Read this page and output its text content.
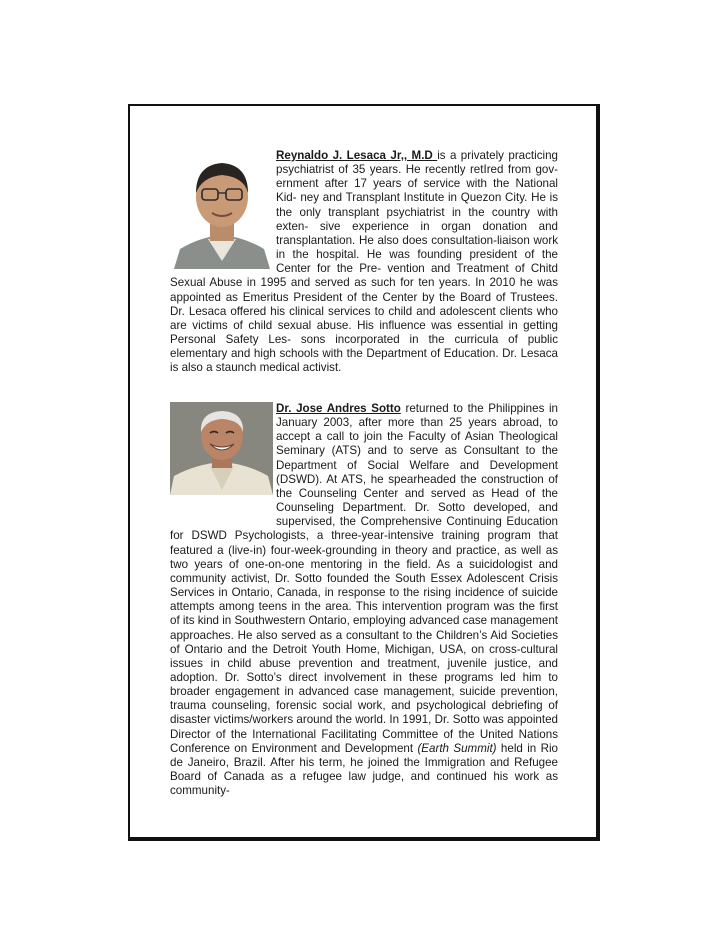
Reynaldo J. Lesaca Jr,, M.D is a privately practicing psychiatrist of 35 years. He recently retIred from gov- ernment after 17 years of service with the National Kid- ney and Transplant Institute in Quezon City. He is the only transplant psychiatrist in the country with exten- sive experience in organ donation and transplantation. He also does consultation-liaison work in the hospital. He was founding president of the Center for the Pre- vention and Treatment of Chitd Sexual Abuse in 1995 and served as such for ten years. In 2010 he was appointed as Emeritus President of the Center by the Board of Trustees. Dr. Lesaca offered his clinical services to child and adolescent clients who are victims of child sexual abuse. His influence was essential in getting Personal Safety Les- sons incorporated in the curricula of public elementary and high schools with the Department of Education. Dr. Lesaca is also a staunch medical activist.
Dr. Jose Andres Sotto returned to the Philippines in January 2003, after more than 25 years abroad, to accept a call to join the Faculty of Asian Theological Seminary (ATS) and to serve as Consultant to the Department of Social Welfare and Development (DSWD). At ATS, he spearheaded the construction of the Counseling Center and served as Head of the Counseling Department. Dr. Sotto developed, and supervised, the Comprehensive Continuing Education for DSWD Psychologists, a three-year-intensive training program that featured a (live-in) four-week-grounding in theory and practice, as well as two years of one-on-one mentoring in the field. As a suicidologist and community activist, Dr. Sotto founded the South Essex Adolescent Crisis Services in Ontario, Canada, in response to the rising incidence of suicide attempts among teens in the area. This intervention program was the first of its kind in Southwestern Ontario, employing advanced case management approaches. He also served as a consultant to the Children’s Aid Societies of Ontario and the Detroit Youth Home, Michigan, USA, on cross-cultural issues in child abuse prevention and treatment, juvenile justice, and adoption. Dr. Sotto’s direct involvement in these programs led him to broader engagement in advanced case management, suicide prevention, trauma counseling, forensic social work, and psychological debriefing of disaster victims/workers around the world. In 1991, Dr. Sotto was appointed Director of the International Facilitating Committee of the United Nations Conference on Environment and Development (Earth Summit) held in Rio de Janeiro, Brazil. After his term, he joined the Immigration and Refugee Board of Canada as a refugee law judge, and continued his work as community-
